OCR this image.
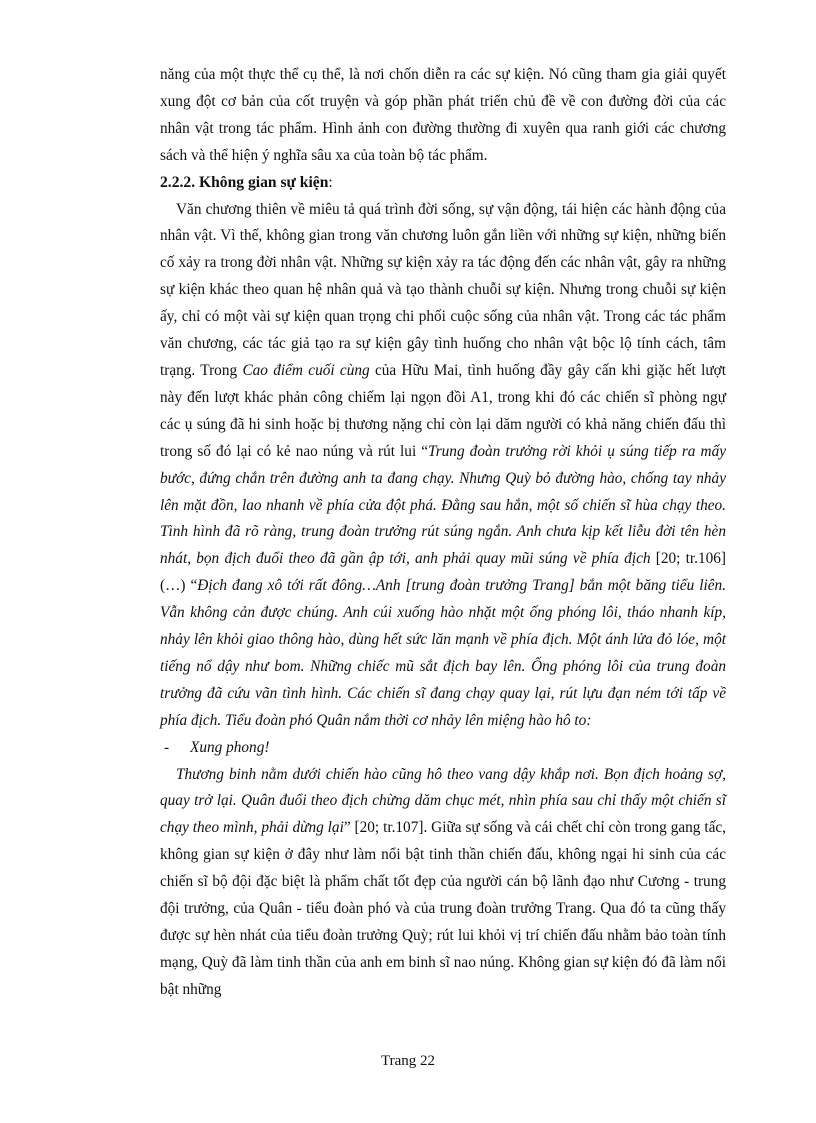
năng của một thực thể cụ thể, là nơi chốn diễn ra các sự kiện. Nó cũng tham gia giải quyết xung đột cơ bản của cốt truyện và góp phần phát triển chủ đề về con đường đời của các nhân vật trong tác phẩm. Hình ảnh con đường thường đi xuyên qua ranh giới các chương sách và thể hiện ý nghĩa sâu xa của toàn bộ tác phẩm.

2.2.2. Không gian sự kiện:

Văn chương thiên về miêu tả quá trình đời sống, sự vận động, tái hiện các hành động của nhân vật. Vì thế, không gian trong văn chương luôn gắn liền với những sự kiện, những biến cố xảy ra trong đời nhân vật. Những sự kiện xảy ra tác động đến các nhân vật, gây ra những sự kiện khác theo quan hệ nhân quả và tạo thành chuỗi sự kiện. Nhưng trong chuỗi sự kiện ấy, chỉ có một vài sự kiện quan trọng chi phối cuộc sống của nhân vật. Trong các tác phẩm văn chương, các tác giả tạo ra sự kiện gây tình huống cho nhân vật bộc lộ tính cách, tâm trạng. Trong Cao điểm cuối cùng của Hữu Mai, tình huống đầy gây cấn khi giặc hết lượt này đến lượt khác phản công chiếm lại ngọn đồi A1, trong khi đó các chiến sĩ phòng ngự các ụ súng đã hi sinh hoặc bị thương nặng chỉ còn lại dăm người có khả năng chiến đấu thì trong số đó lại có kẻ nao núng và rút lui “Trung đoàn trưởng rời khỏi ụ súng tiếp ra mấy bước, đứng chắn trên đường anh ta đang chạy. Nhưng Quỳ bỏ đường hào, chống tay nhảy lên mặt đồn, lao nhanh về phía cửa đột phá. Đằng sau hắn, một số chiến sĩ hùa chạy theo. Tình hình đã rõ ràng, trung đoàn trưởng rút súng ngắn. Anh chưa kịp kết liễu đời tên hèn nhát, bọn địch đuổi theo đã gần ập tới, anh phải quay mũi súng về phía địch [20; tr.106] (…) “Địch đang xô tới rất đông…Anh [trung đoàn trưởng Trang] bắn một băng tiểu liên. Vẫn không cản được chúng. Anh cúi xuống hào nhặt một ống phóng lôi, tháo nhanh kíp, nhảy lên khỏi giao thông hào, dùng hết sức lăn mạnh về phía địch. Một ánh lửa đỏ lóe, một tiếng nổ dậy như bom. Những chiếc mũ sắt địch bay lên. Ống phóng lôi của trung đoàn trưởng đã cứu vãn tình hình. Các chiến sĩ đang chạy quay lại, rút lựu đạn ném tới tấp về phía địch. Tiểu đoàn phó Quân nắm thời cơ nhảy lên miệng hào hô to:

-	Xung phong!

Thương binh nằm dưới chiến hào cũng hô theo vang dậy khắp nơi. Bọn địch hoảng sợ, quay trở lại. Quân đuổi theo địch chừng dăm chục mét, nhìn phía sau chỉ thấy một chiến sĩ chạy theo mình, phải dừng lại” [20; tr.107]. Giữa sự sống và cái chết chỉ còn trong gang tấc, không gian sự kiện ở đây như làm nổi bật tinh thần chiến đấu, không ngại hi sinh của các chiến sĩ bộ đội đặc biệt là phẩm chất tốt đẹp của người cán bộ lãnh đạo như Cương - trung đội trưởng, của Quân - tiểu đoàn phó và của trung đoàn trưởng Trang. Qua đó ta cũng thấy được sự hèn nhát của tiểu đoàn trưởng Quỳ; rút lui khỏi vị trí chiến đấu nhằm bảo toàn tính mạng, Quỳ đã làm tinh thần của anh em binh sĩ nao núng. Không gian sự kiện đó đã làm nổi bật những

Trang 22
